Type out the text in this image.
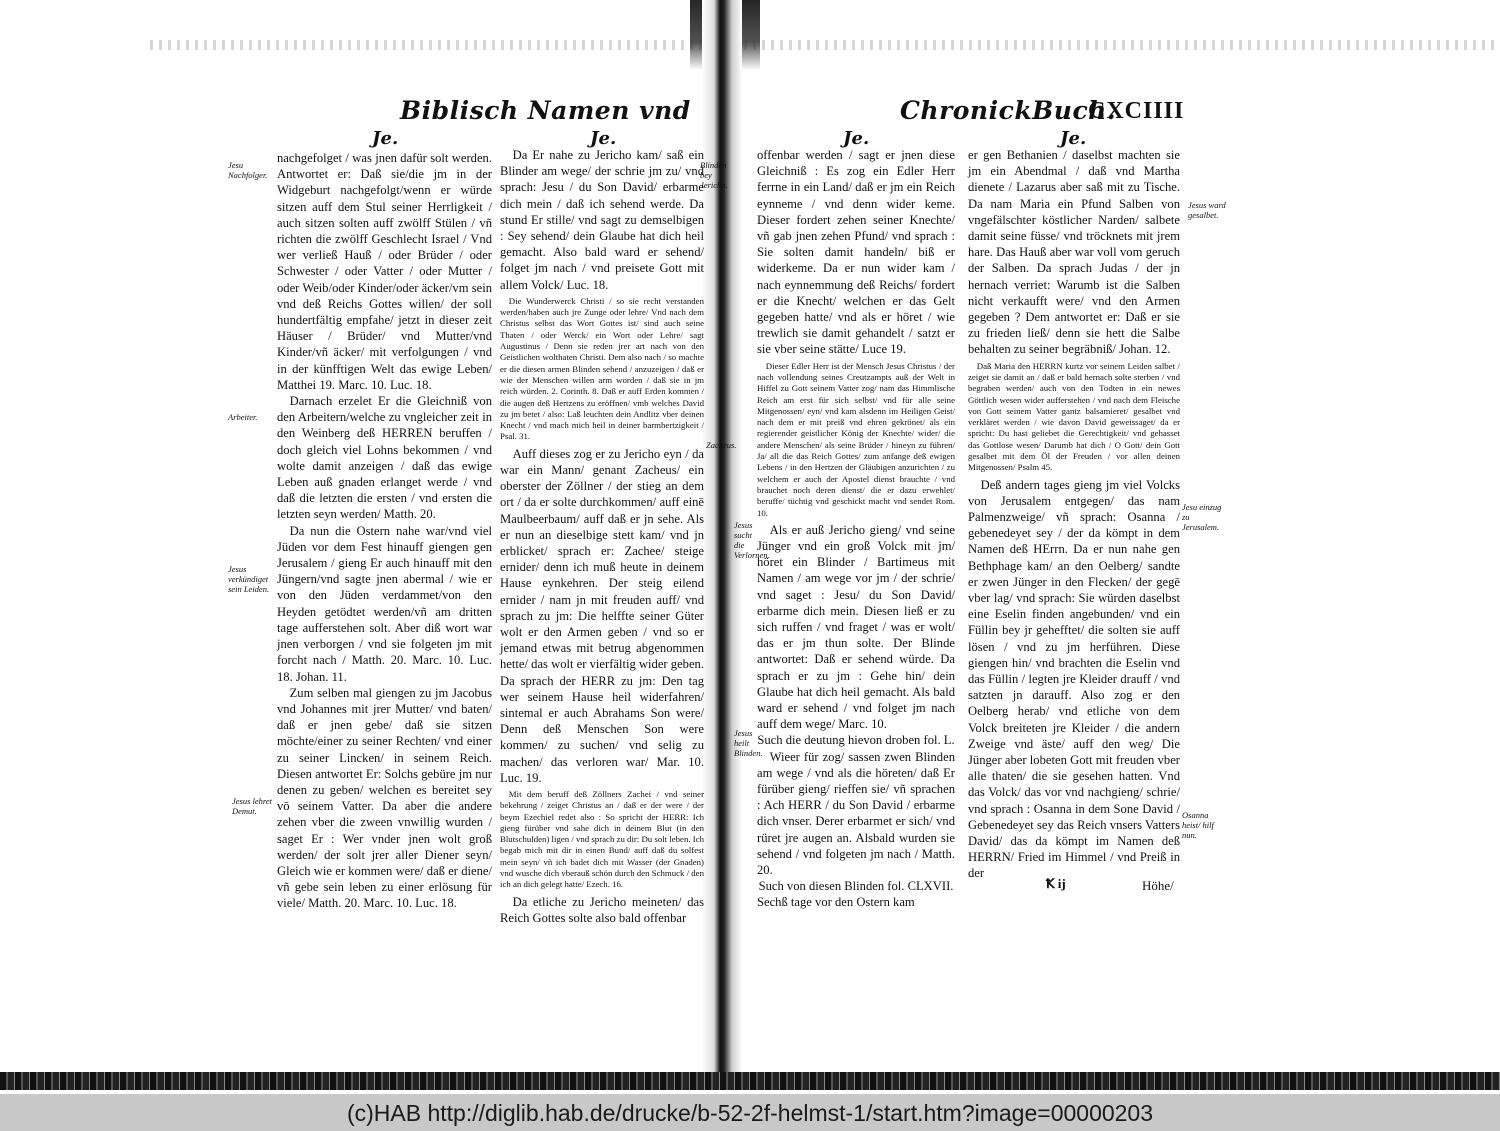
Biblisch Namen vnd	ChronickBuch.
CXCIIII
Je.	Je.	Je.	Je.
Jesu Nachfolger.
Arbeiter.
Jesus verkündiget sein Leiden.
Jesus lehret Demut.
Zacheus.
Blinden bey Jericho.
Jesus sucht die Verlornen.
Jesus ward gesalbet.
Jesu einzug zu Jerusalem.
Osanna heist/ hilf nun.
Jesus heilt Blinden.

nachgefolget / was jnen dafür solt werden. Antwortet er: Daß sie/die jm in der Widgeburt nachgefolgt/wenn er würde sitzen auff dem Stul seiner Herrligkeit / auch sitzen solten auff zwölff Stülen / vñ richten die zwölff Geschlecht Israel / Vnd wer verließ Hauß / oder Brüder / oder Schwester / oder Vatter / oder Mutter / oder Weib/oder Kinder/oder äcker/vm sein vnd deß Reichs Gottes willen/ der soll hundertfältig empfahe/ jetzt in dieser zeit Häuser / Brüder/ vnd Mutter/vnd Kinder/vñ äcker/ mit verfolgungen / vnd in der künfftigen Welt das ewige Leben/ Matthei 19. Marc. 10. Luc. 18.

Darnach erzelet Er die Gleichniß von den Arbeitern/welche zu vngleicher zeit in den Weinberg deß HERREN beruffen / doch gleich viel Lohns bekommen / vnd wolte damit anzeigen / daß das ewige Leben auß gnaden erlanget werde / vnd daß die letzten die ersten / vnd ersten die letzten seyn werden/ Matth. 20.

Da nun die Ostern nahe war/vnd viel Jüden vor dem Fest hinauff giengen gen Jerusalem / gieng Er auch hinauff mit den Jüngern/vnd sagte jnen abermal / wie er von den Jüden verdammet/von den Heyden getödtet werden/vñ am dritten tage aufferstehen solt. Aber diß wort war jnen verborgen / vnd sie folgeten jm mit forcht nach / Matth. 20. Marc. 10. Luc. 18. Johan. 11.

Zum selben mal giengen zu jm Jacobus vnd Johannes mit jrer Mutter/ vnd baten/ daß er jnen gebe/ daß sie sitzen möchte/einer zu seiner Rechten/ vnd einer zu seiner Lincken/ in seinem Reich. Diesen antwortet Er: Solchs gebüre jm nur denen zu geben/ welchen es bereitet sey vō seinem Vatter. Da aber die andere zehen vber die zween vnwillig wurden / saget Er : Wer vnder jnen wolt groß werden/ der solt jrer aller Diener seyn/ Gleich wie er kommen were/ daß er diene/ vñ gebe sein leben zu einer erlösung für viele/ Matth. 20. Marc. 10. Luc. 18.

Da Er nahe zu Jericho kam/ saß ein Blinder am wege/ der schrie jm zu/ vnd sprach: Jesu / du Son David/ erbarme dich mein / daß ich sehend werde. Da stund Er stille/ vnd sagt zu demselbigen : Sey sehend/ dein Glaube hat dich heil gemacht. Also bald ward er sehend/ folget jm nach / vnd preisete Gott mit allem Volck/ Luc. 18.

Die Wunderwerck Christi / so sie recht verstanden werden/haben auch jre Zunge oder lehre/ Vnd nach dem Christus selbst das Wort Gottes ist/ sind auch seine Thaten / oder Werck/ ein Wort oder Lehre/ sagt Augustinus / Denn sie reden jrer art nach von den Geistlichen wolthaten Christi. Dem also nach / so machte er die diesen armen Blinden sehend / anzuzeigen / daß er wie der Menschen willen arm worden / daß sie in jm reich würden. 2. Corinth. 8. Daß er auff Erden kommen / die augen deß Hertzens zu eröffnen/ vmb welches David zu jm betet / also: Laß leuchten dein Andlitz vber deinen Knecht / vnd mach mich heil in deiner barmhertzigkeit / Psal. 31.

Auff dieses zog er zu Jericho eyn / da war ein Mann/ genant Zacheus/ ein oberster der Zöllner / der stieg an dem ort / da er solte durchkommen/ auff einē Maulbeerbaum/ auff daß er jn sehe. Als er nun an dieselbige stett kam/ vnd jn erblicket/ sprach er: Zachee/ steige ernider/ denn ich muß heute in deinem Hause eynkehren. Der steig eilend ernider / nam jn mit freuden auff/ vnd sprach zu jm: Die helffte seiner Güter wolt er den Armen geben / vnd so er jemand etwas mit betrug abgenommen hette/ das wolt er vierfältig wider geben. Da sprach der HERR zu jm: Den tag wer seinem Hause heil widerfahren/ sintemal er auch Abrahams Son were/ Denn deß Menschen Son were kommen/ zu suchen/ vnd selig zu machen/ das verloren war/ Mar. 10. Luc. 19.

Mit dem beruff deß Zöllners Zachei / vnd seiner bekehrung / zeiget Christus an / daß er der were / der beym Ezechiel redet also : So spricht der HERR: Ich gieng fürüber vnd sahe dich in deinem Blut (in den Blutschulden) ligen / vnd sprach zu dir: Du solt leben. Ich begab mich mit dir in einen Bund/ auff daß du solfest mein seyn/ vñ ich badet dich mit Wasser (der Gnaden) vnd wusche dich vberauß schön durch den Schmuck / den ich an dich gelegt hatte/ Ezech. 16.

Da etliche zu Jericho meineten/ das Reich Gottes solte also bald offenbar

offenbar werden / sagt er jnen diese Gleichniß : Es zog ein Edler Herr ferrne in ein Land/ daß er jm ein Reich eynneme / vnd denn wider keme. Dieser fordert zehen seiner Knechte/ vñ gab jnen zehen Pfund/ vnd sprach : Sie solten damit handeln/ biß er widerkeme. Da er nun wider kam / nach eynnemmung deß Reichs/ fordert er die Knecht/ welchen er das Gelt gegeben hatte/ vnd als er höret / wie trewlich sie damit gehandelt / satzt er sie vber seine stätte/ Luce 19.

Dieser Edler Herr ist der Mensch Jesus Christus / der nach vollendung seines Creutzampts auß der Welt in Hiffel zu Gott seinem Vatter zog/ nam das Himmlische Reich am erst für sich selbst/ vnd für alle seine Mitgenossen/ eyn/ vnd kam alsdenn im Heiligen Geist/ nach dem er mit preiß vnd ehren gekrönet/ als ein regierender geistlicher König der Knechte/ wider/ die andere Menschen/ als seine Brüder / hineyn zu führen/ Ja/ all die das Reich Gottes/ zum anfange deß ewigen Lebens / in den Hertzen der Gläubigen anzurichten / zu welchem er auch der Apostel dienst brauchte / vnd brauchet noch deren dienst/ die er dazu erwehlet/ beruffe/ tüchtig vnd geschickt macht vnd sendet Rom. 10.

Als er auß Jericho gieng/ vnd seine Jünger vnd ein groß Volck mit jm/ höret ein Blinder / Bartimeus mit Namen / am wege vor jm / der schrie/ vnd saget : Jesu/ du Son David/ erbarme dich mein. Diesen ließ er zu sich ruffen / vnd fraget / was er wolt/ das er jm thun solte. Der Blinde antwortet: Daß er sehend würde. Da sprach er zu jm : Gehe hin/ dein Glaube hat dich heil gemacht. Als bald ward er sehend / vnd folget jm nach auff dem wege/ Marc. 10.

Such die deutung hievon droben fol. L.

Wieer für zog/ sassen zwen Blinden am wege / vnd als die höreten/ daß Er fürüber gieng/ rieffen sie/ vñ sprachen : Ach HERR / du Son David / erbarme dich vnser. Derer erbarmet er sich/ vnd rüret jre augen an. Alsbald wurden sie sehend / vnd folgeten jm nach / Matth. 20.

Such von diesen Blinden fol. CLXVII.

Sechß tage vor den Ostern kam

er gen Bethanien / daselbst machten sie jm ein Abendmal / daß vnd Martha dienete / Lazarus aber saß mit zu Tische. Da nam Maria ein Pfund Salben von vngefälschter köstlicher Narden/ salbete damit seine füsse/ vnd tröcknets mit jrem hare. Das Hauß aber war voll vom geruch der Salben. Da sprach Judas / der jn hernach verriet: Warumb ist die Salben nicht verkaufft were/ vnd den Armen gegeben ? Dem antwortet er: Daß er sie zu frieden ließ/ denn sie hett die Salbe behalten zu seiner begräbniß/ Johan. 12.

Daß Maria den HERRN kurtz vor seinem Leiden salbet / zeiget sie damit an / daß er bald hernach solte sterben / vnd begraben werden/ auch von den Todten in ein newes Göttlich wesen wider aufferstehen / vnd nach dem Fleische von Gott seinem Vatter gantz balsamieret/ gesalbet vnd verkläret werden / wie davon David geweissaget/ da er spricht: Du hast geliebet die Gerechtigkeit/ vnd gehasset das Gottlose wesen/ Darumb hat dich / O Gott/ dein Gott gesalbet mit dem Öl der Freuden / vor allen deinen Mitgenossen/ Psalm 45.

Deß andern tages gieng jm viel Volcks von Jerusalem entgegen/ das nam Palmenzweige/ vñ sprach: Osanna / gebenedeyet sey / der da kömpt in dem Namen deß HErrn. Da er nun nahe gen Bethphage kam/ an den Oelberg/ sandte er zwen Jünger in den Flecken/ der gegē vber lag/ vnd sprach: Sie würden daselbst eine Eselin finden angebunden/ vnd ein Füllin bey jr gehefftet/ die solten sie auff lösen / vnd zu jm herführen. Diese giengen hin/ vnd brachten die Eselin vnd das Füllin / legten jre Kleider drauff / vnd satzten jn darauff. Also zog er den Oelberg herab/ vnd etliche von dem Volck breiteten jre Kleider / die andern Zweige vnd äste/ auff den weg/ Die Jünger aber lobeten Gott mit freuden vber alle thaten/ die sie gesehen hatten. Vnd das Volck/ das vor vnd nachgieng/ schrie/ vnd sprach : Osanna in dem Sone David / Gebenedeyet sey das Reich vnsers Vatters David/ das da kömpt im Namen deß HERRN/ Fried im Himmel / vnd Preiß in der

Ꝁ ij	Höhe/
(c)HAB http://diglib.hab.de/drucke/b-52-2f-helmst-1/start.htm?image=00000203
